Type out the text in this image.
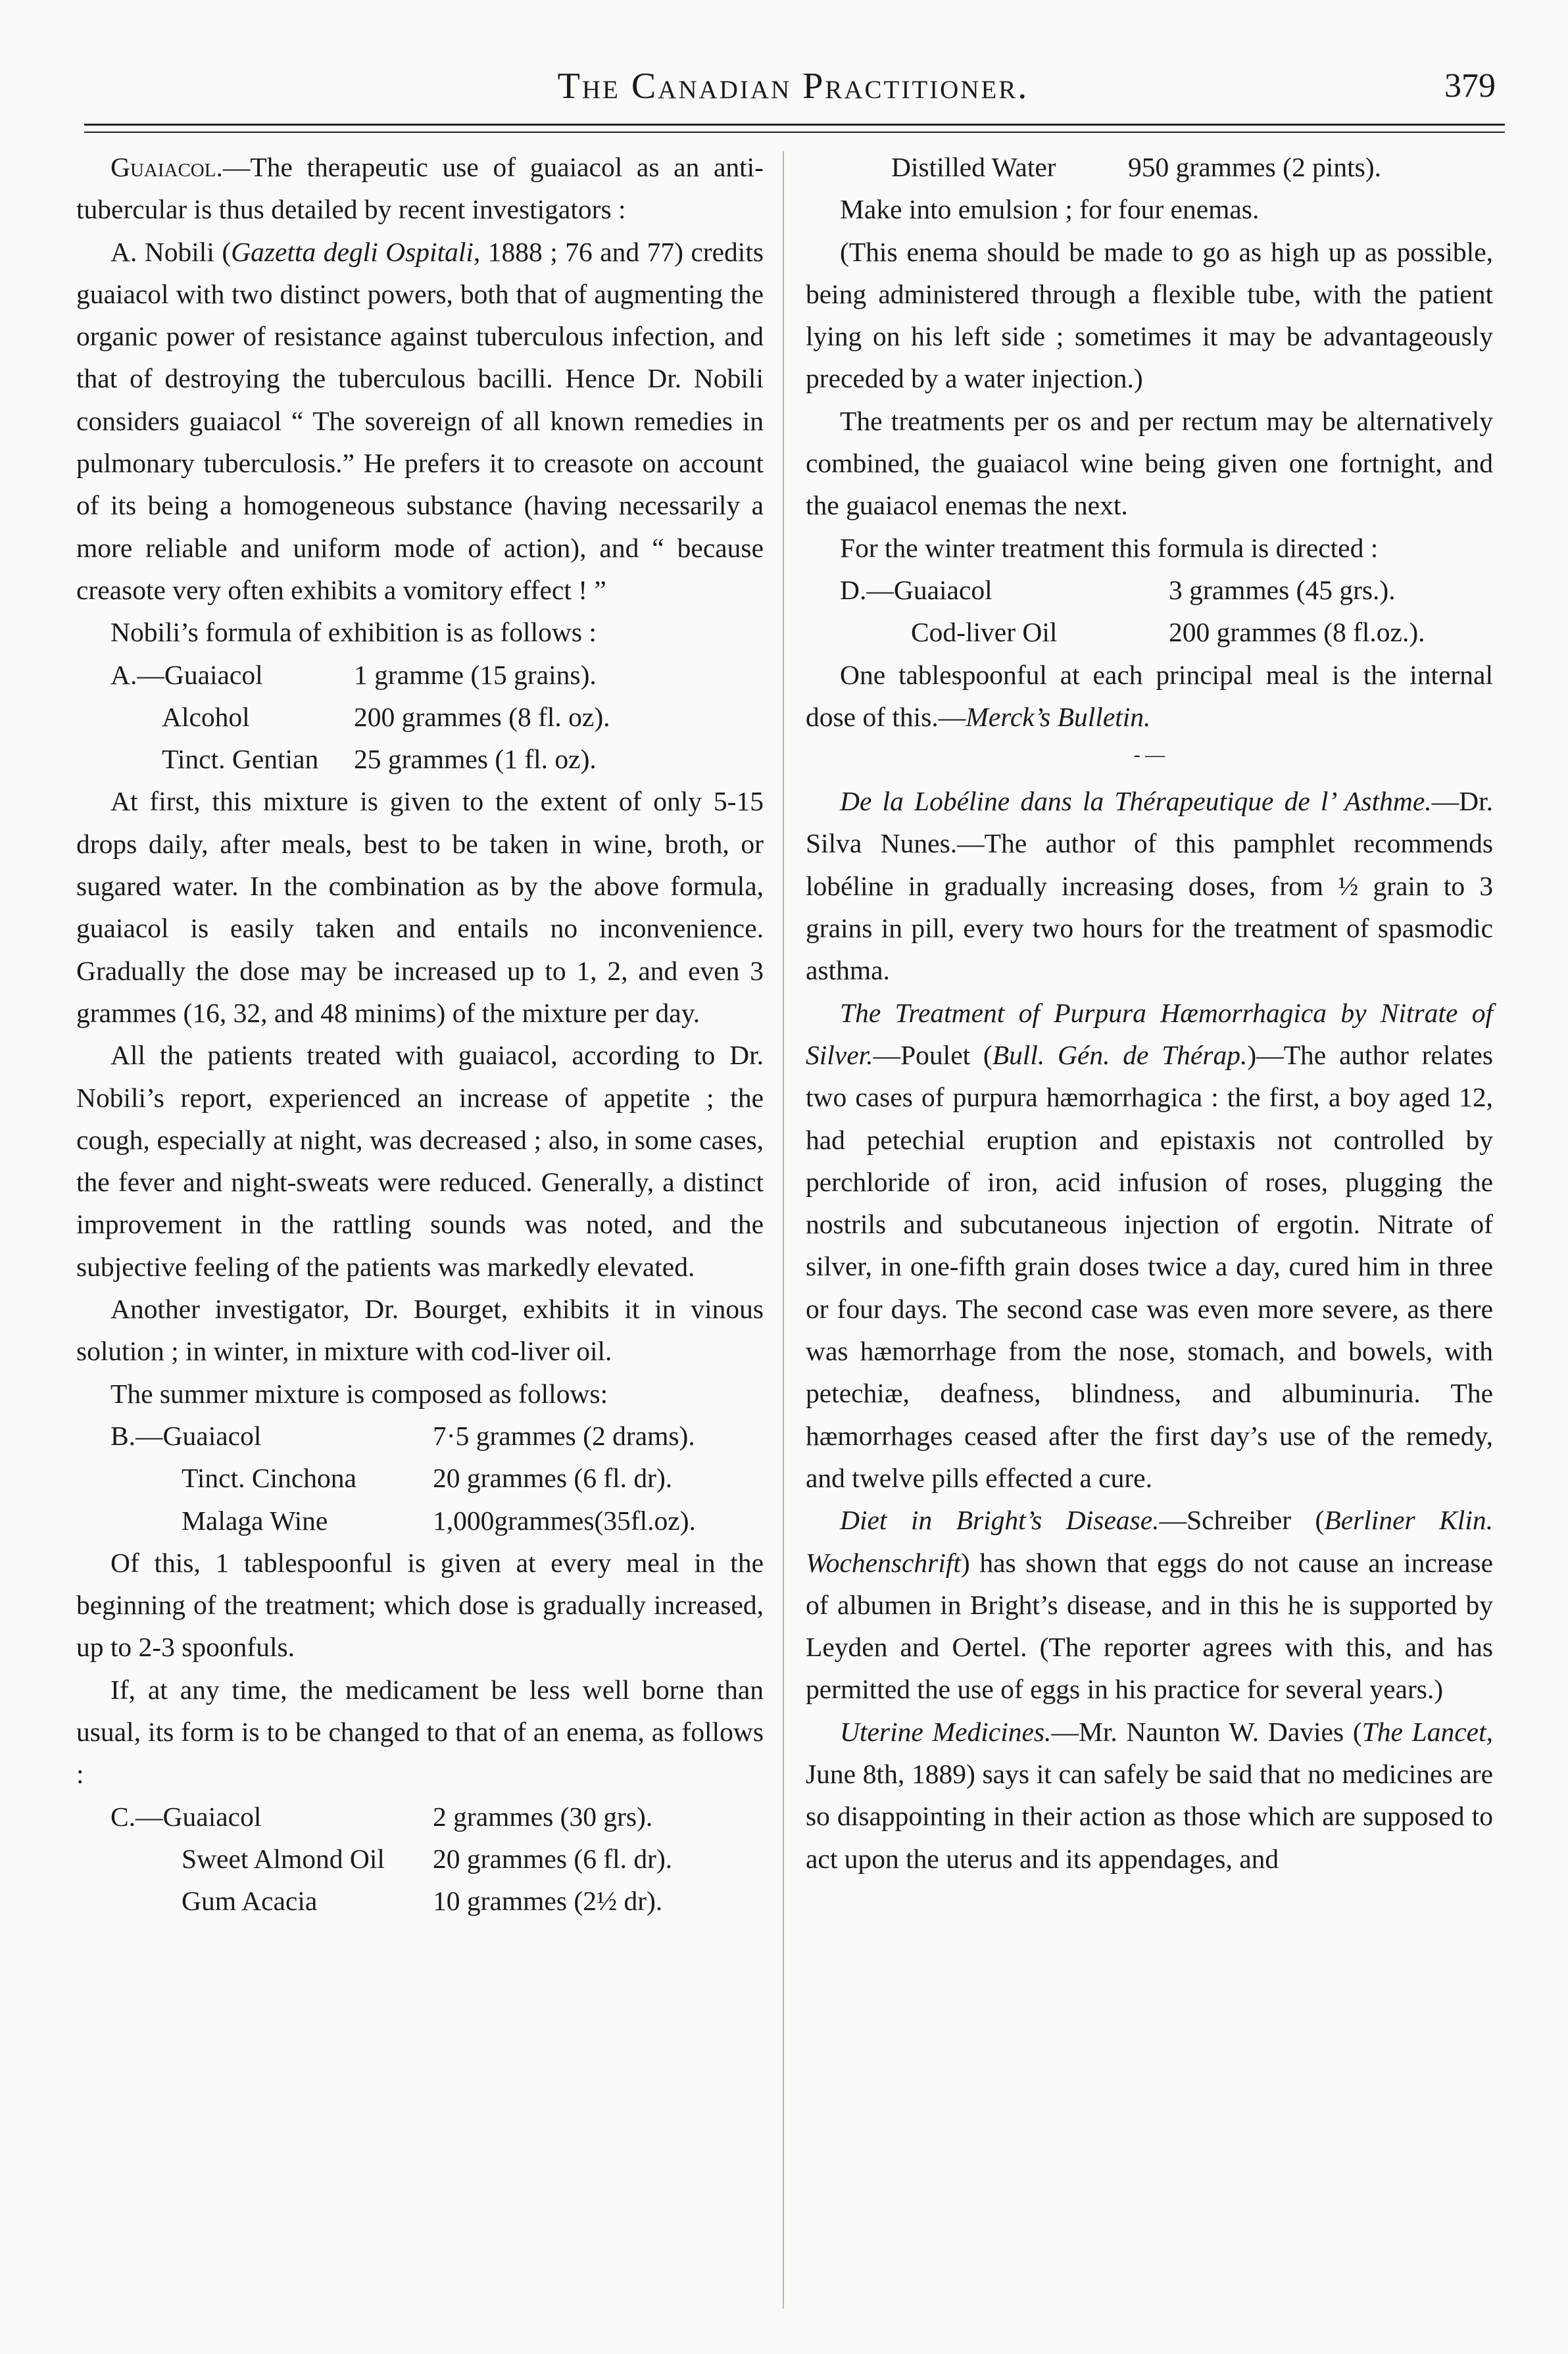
The Canadian Practitioner.	379

Guaiacol.—The therapeutic use of guaiacol as an anti-tubercular is thus detailed by recent investigators :

A. Nobili (Gazetta degli Ospitali, 1888 ; 76 and 77) credits guaiacol with two distinct powers, both that of augmenting the organic power of resistance against tuberculous infection, and that of destroying the tuberculous bacilli. Hence Dr. Nobili considers guaiacol “ The sovereign of all known remedies in pulmonary tuberculosis.” He prefers it to creasote on account of its being a homogeneous substance (having necessarily a more reliable and uniform mode of action), and “ because creasote very often exhibits a vomitory effect ! ”

Nobili’s formula of exhibition is as follows :

A.—Guaiacol	1 gramme (15 grains).
Alcohol	200 grammes (8 fl. oz).
Tinct. Gentian	25 grammes (1 fl. oz).

At first, this mixture is given to the extent of only 5-15 drops daily, after meals, best to be taken in wine, broth, or sugared water. In the combination as by the above formula, guaiacol is easily taken and entails no inconvenience. Gradually the dose may be increased up to 1, 2, and even 3 grammes (16, 32, and 48 minims) of the mixture per day.

All the patients treated with guaiacol, according to Dr. Nobili’s report, experienced an increase of appetite ; the cough, especially at night, was decreased ; also, in some cases, the fever and night-sweats were reduced. Generally, a distinct improvement in the rattling sounds was noted, and the subjective feeling of the patients was markedly elevated.

Another investigator, Dr. Bourget, exhibits it in vinous solution ; in winter, in mixture with cod-liver oil.

The summer mixture is composed as follows:

B.—Guaiacol	7·5 grammes (2 drams).
Tinct. Cinchona	20 grammes (6 fl. dr).
Malaga Wine	1,000grammes(35fl.oz).

Of this, 1 tablespoonful is given at every meal in the beginning of the treatment; which dose is gradually increased, up to 2-3 spoonfuls.

If, at any time, the medicament be less well borne than usual, its form is to be changed to that of an enema, as follows :

C.—Guaiacol	2 grammes (30 grs).
Sweet Almond Oil	20 grammes (6 fl. dr).
Gum Acacia	10 grammes (2½ dr).
Distilled Water	950 grammes (2 pints).

Make into emulsion ; for four enemas.

(This enema should be made to go as high up as possible, being administered through a flexible tube, with the patient lying on his left side ; sometimes it may be advantageously preceded by a water injection.)

The treatments per os and per rectum may be alternatively combined, the guaiacol wine being given one fortnight, and the guaiacol enemas the next.

For the winter treatment this formula is directed :

D.—Guaiacol	3 grammes (45 grs.).
Cod-liver Oil	200 grammes (8 fl.oz.).

One tablespoonful at each principal meal is the internal dose of this.—Merck’s Bulletin.

- —

De la Lobéline dans la Thérapeutique de l’ Asthme.—Dr. Silva Nunes.—The author of this pamphlet recommends lobéline in gradually increasing doses, from ½ grain to 3 grains in pill, every two hours for the treatment of spasmodic asthma.

The Treatment of Purpura Hæmorrhagica by Nitrate of Silver.—Poulet (Bull. Gén. de Thérap.)—The author relates two cases of purpura hæmorrhagica : the first, a boy aged 12, had petechial eruption and epistaxis not controlled by perchloride of iron, acid infusion of roses, plugging the nostrils and subcutaneous injection of ergotin. Nitrate of silver, in one-fifth grain doses twice a day, cured him in three or four days. The second case was even more severe, as there was hæmorrhage from the nose, stomach, and bowels, with petechiæ, deafness, blindness, and albuminuria. The hæmorrhages ceased after the first day’s use of the remedy, and twelve pills effected a cure.

Diet in Bright’s Disease.—Schreiber (Berliner Klin. Wochenschrift) has shown that eggs do not cause an increase of albumen in Bright’s disease, and in this he is supported by Leyden and Oertel. (The reporter agrees with this, and has permitted the use of eggs in his practice for several years.)

Uterine Medicines.—Mr. Naunton W. Davies (The Lancet, June 8th, 1889) says it can safely be said that no medicines are so disappointing in their action as those which are supposed to act upon the uterus and its appendages, and
